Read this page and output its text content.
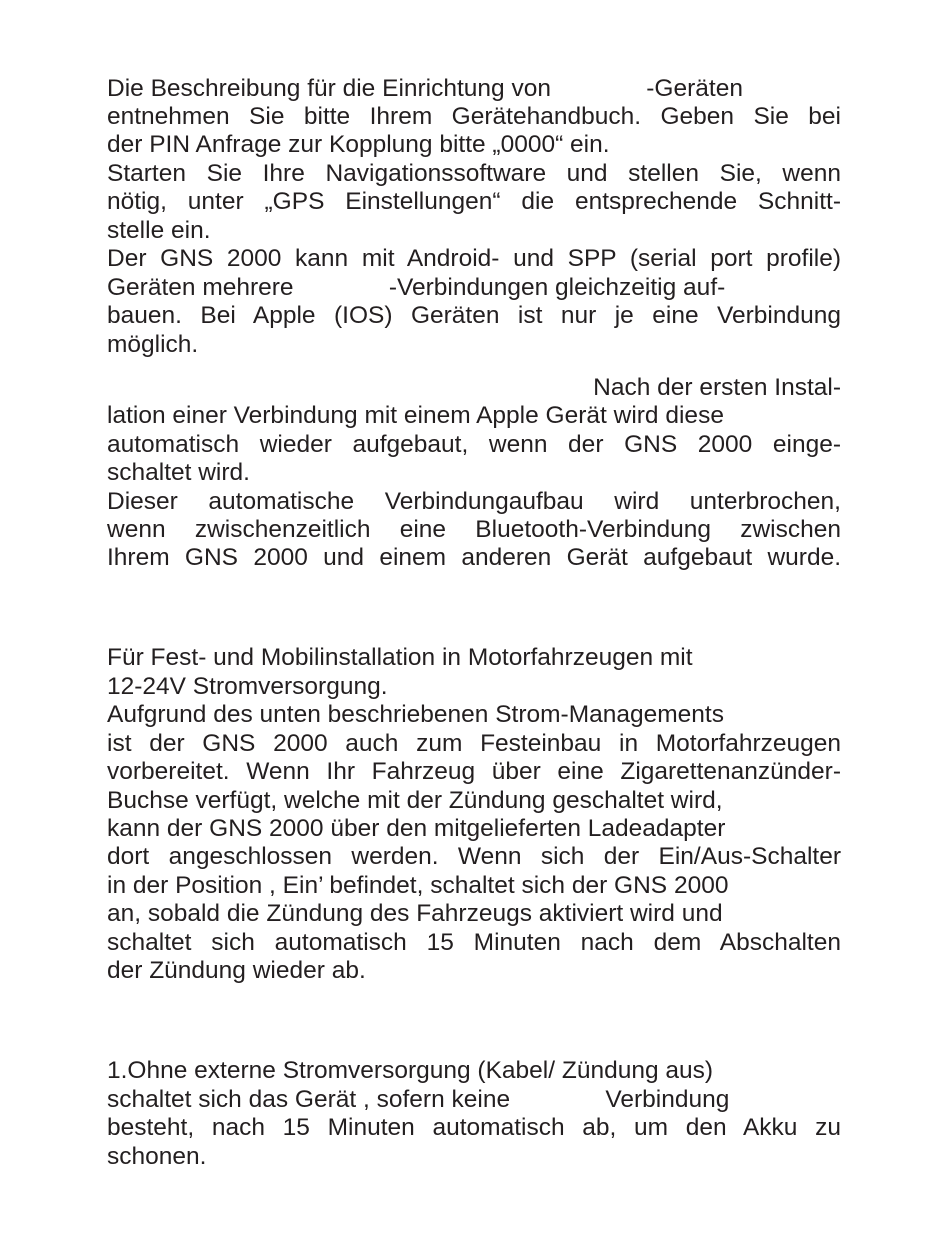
Die Beschreibung für die Einrichtung von              -Geräten

entnehmen Sie bitte Ihrem Gerätehandbuch. Geben Sie bei

der PIN Anfrage zur Kopplung bitte „0000“ ein.

Starten Sie Ihre Navigationssoftware und stellen Sie, wenn

nötig, unter „GPS Einstellungen“ die entsprechende Schnitt-

stelle ein.

Der GNS 2000 kann mit Android- und SPP (serial port profile)

Geräten mehrere              -Verbindungen gleichzeitig auf-

bauen. Bei Apple (IOS) Geräten ist nur je eine Verbindung

möglich.

Nach der ersten Instal-

lation einer Verbindung mit einem Apple Gerät wird diese

automatisch wieder aufgebaut, wenn der GNS 2000 einge-

schaltet wird.

Dieser automatische Verbindungaufbau wird unterbrochen,

wenn zwischenzeitlich eine Bluetooth-Verbindung zwischen

Ihrem GNS 2000 und einem anderen Gerät aufgebaut wurde.

Für Fest- und Mobilinstallation in Motorfahrzeugen mit

12-24V Stromversorgung.

Aufgrund des unten beschriebenen Strom-Managements

ist der GNS 2000 auch zum Festeinbau in Motorfahrzeugen

vorbereitet. Wenn Ihr Fahrzeug über eine Zigarettenanzünder-

Buchse verfügt, welche mit der Zündung geschaltet wird,

kann der GNS 2000 über den mitgelieferten Ladeadapter

dort angeschlossen werden. Wenn sich der Ein/Aus-Schalter

in der Position , Ein’ befindet, schaltet sich der GNS 2000

an, sobald die Zündung des Fahrzeugs aktiviert wird und

schaltet sich automatisch 15 Minuten nach dem Abschalten

der Zündung wieder ab.

1.Ohne externe Stromversorgung (Kabel/ Zündung aus)

schaltet sich das Gerät , sofern keine              Verbindung

besteht, nach 15 Minuten automatisch ab, um den Akku zu

schonen.
